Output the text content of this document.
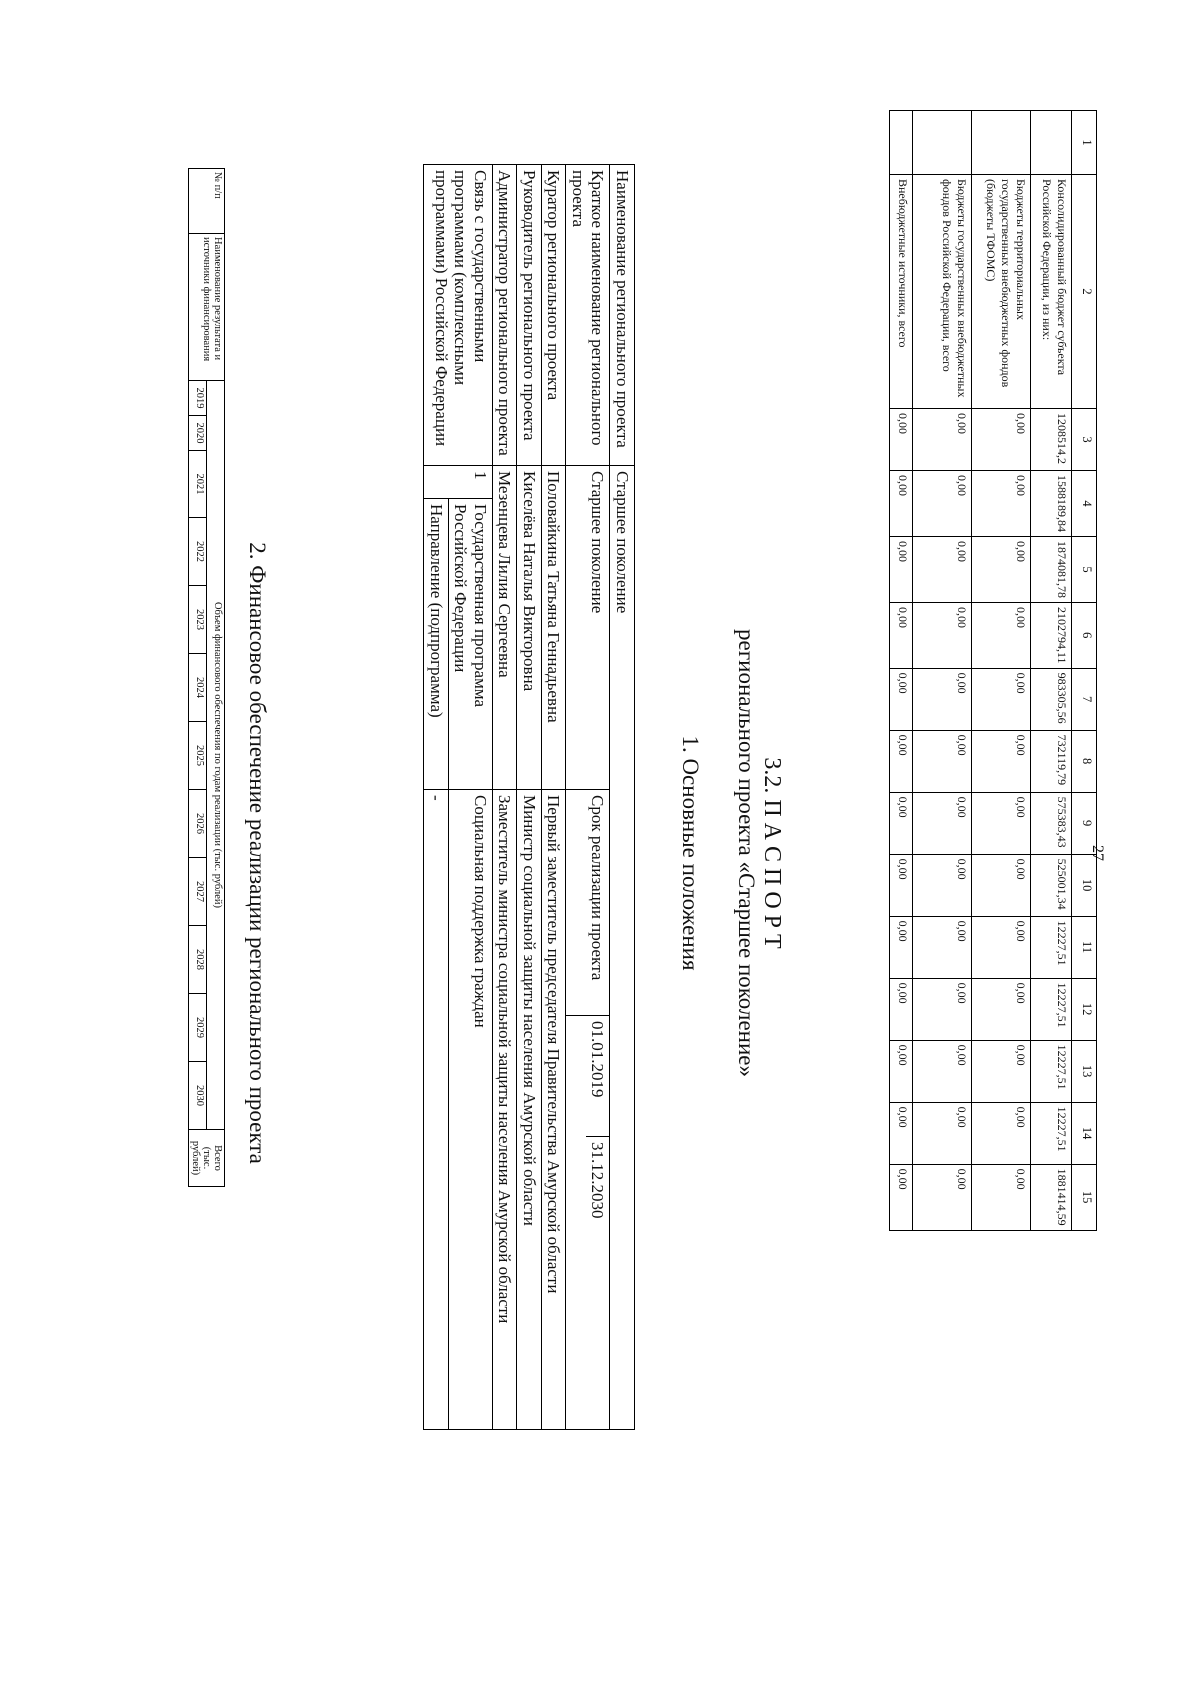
27
1	2	3	4	5	6	7	8	9	10	11	12	13	14	15
	Консолидированный бюджет субъекта Российской Федерации, из них:	1208514,2	1588189,84	1874081,78	2102794,11	983305,56	732119,79	575383,43	525001,34	12227,51	12227,51	12227,51	12227,51	1881414,59
	Бюджеты территориальных государственных внебюджетных фондов (бюджеты ТФОМС)	0,00	0,00	0,00	0,00	0,00	0,00	0,00	0,00	0,00	0,00	0,00	0,00	0,00
	Бюджеты государственных внебюджетных фондов Российской Федерации, всего	0,00	0,00	0,00	0,00	0,00	0,00	0,00	0,00	0,00	0,00	0,00	0,00	0,00
	Внебюджетные источники, всего	0,00	0,00	0,00	0,00	0,00	0,00	0,00	0,00	0,00	0,00	0,00	0,00	0,00
3.2. П А С П О Р Т
регионального проекта «Старшее поколение»
1. Основные положения
Наименование регионального проекта	Старшее поколение
Краткое наименование регионального проекта	Старшее поколение	Срок реализации проекта	
01.01.2019	31.12.2030

Куратор регионального проекта	Половайкина Татьяна Геннадьевна	Первый заместитель председателя Правительства Амурской области
Руководитель регионального проекта	Киселёва Наталья Викторовна	Министр социальной защиты населения Амурской области
Администратор регионального проекта	Мезенцева Лилия Сергеевна	Заместитель министра социальной защиты населения Амурской области
Связь с государственными программами (комплексными программами) Российской Федерации	1	Государственная программа Российской Федерации	Социальная поддержка граждан
Направление (подпрограмма)	-
2. Финансовое обеспечение реализации регионального проекта
№ п/п	Наименование результата и источники финансирования	Объем финансового обеспечения по годам реализации (тыс. рублей)												Всего (тыс. рублей)
		2019	2020	2021	2022	2023	2024	2025	2026	2027	2028	2029	2030	
